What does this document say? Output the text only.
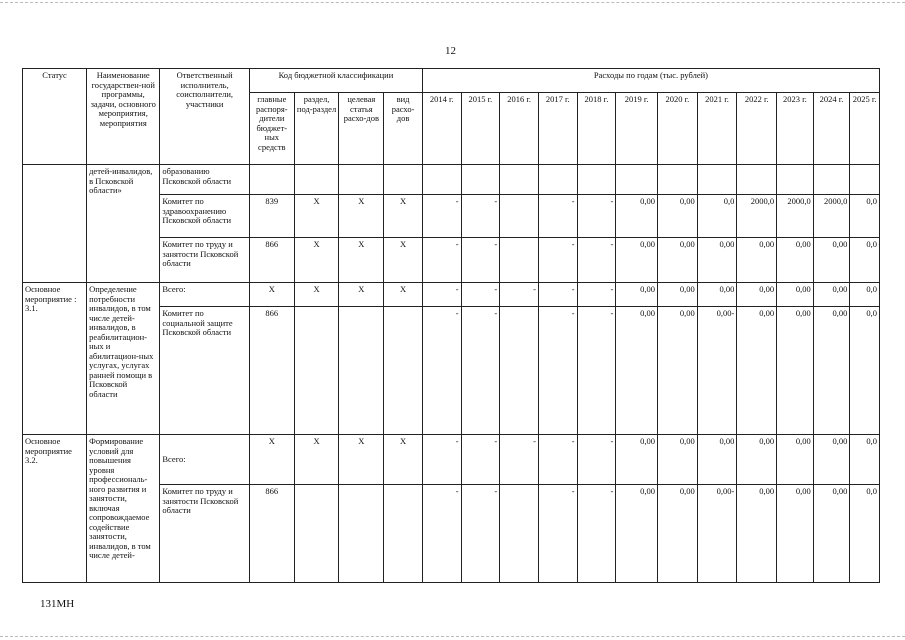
12
Статус	Наименование государствен-ной программы, задачи, основного мероприятия, мероприятия	Ответственный исполнитель, соисполнители, участники	Код бюджетной классификации				Расходы по годам (тыс. рублей)											
			главные распоря-дители бюджет-ных средств	раздел, под-раздел	целевая статья расхо-дов	вид расхо-дов	2014 г.	2015 г.	2016 г.	2017 г.	2018 г.	2019 г.	2020 г.	2021 г.	2022 г.	2023 г.	2024 г.	2025 г.
	детей-инвалидов, в Псковской области»	образованию Псковской области																
		Комитет по здравоохранению Псковской области	839	X	X	X	-	-		-	-	0,00	0,00	0,0	2000,0	2000,0	2000,0	0,0
		Комитет по труду и занятости Псковской области	866	X	X	X	-	-		-	-	0,00	0,00	0,00	0,00	0,00	0,00	0,0
Основное мероприятие : 3.1.	Определение потребности инвалидов, в том числе детей-инвалидов, в реабилитацион-ных и абилитацион-ных услугах, услугах ранней помощи в Псковской области	Всего:	X	X	X	X	-	-	-	-	-	0,00	0,00	0,00	0,00	0,00	0,00	0,0
		Комитет по социальной защите Псковской области	866				-	-		-	-	0,00	0,00	0,00-	0,00	0,00	0,00	0,0
Основное мероприятие 3.2.	Формирование условий для повышения уровня профессиональ-ного развития и занятости, включая сопровождаемое содействие занятости, инвалидов, в том числе детей-	Всего:	X	X	X	X	-	-	-	-	-	0,00	0,00	0,00	0,00	0,00	0,00	0,0
		Комитет по труду и занятости Псковской области	866				-	-		-	-	0,00	0,00	0,00-	0,00	0,00	0,00	0,0
131МН
